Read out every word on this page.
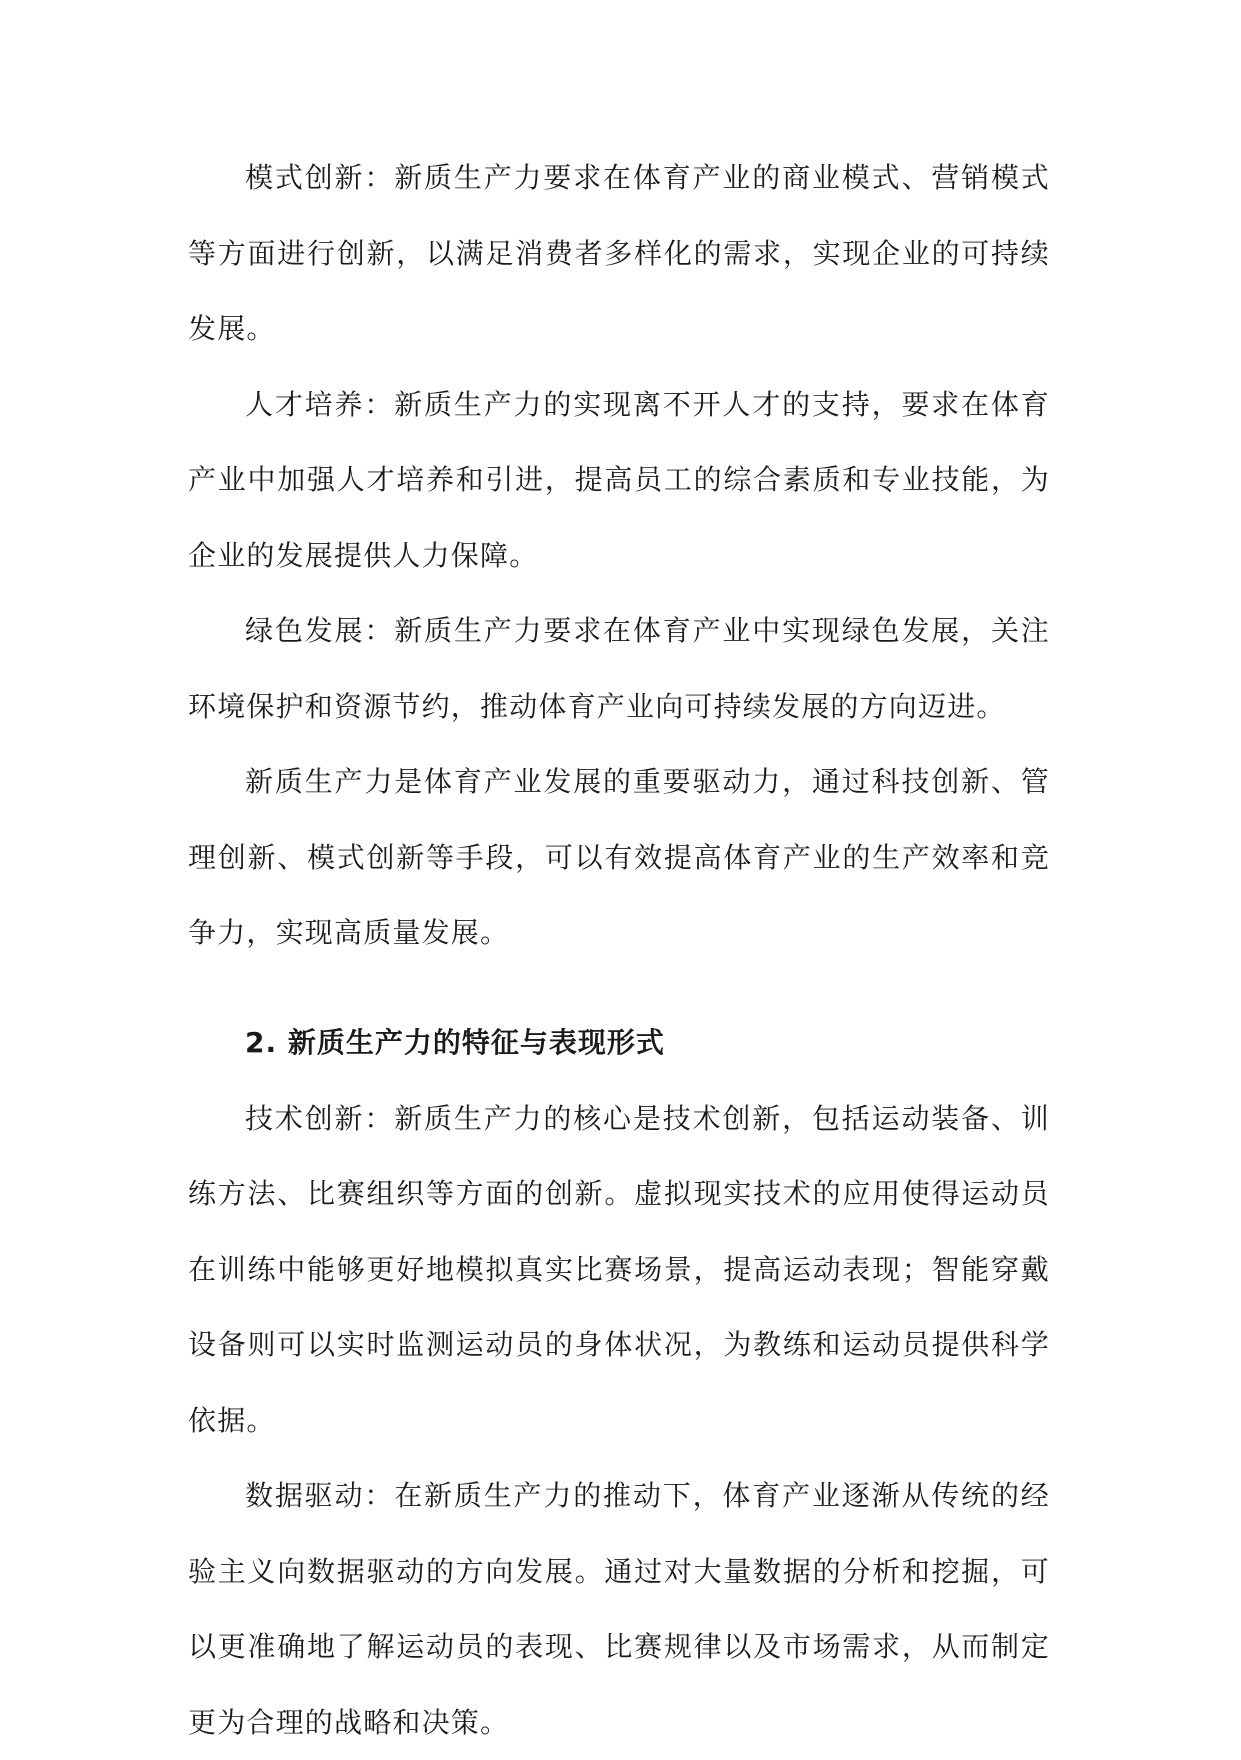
模式创新：新质生产力要求在体育产业的商业模式、营销模式等方面进行创新，以满足消费者多样化的需求，实现企业的可持续发展。

人才培养：新质生产力的实现离不开人才的支持，要求在体育产业中加强人才培养和引进，提高员工的综合素质和专业技能，为企业的发展提供人力保障。

绿色发展：新质生产力要求在体育产业中实现绿色发展，关注环境保护和资源节约，推动体育产业向可持续发展的方向迈进。

新质生产力是体育产业发展的重要驱动力，通过科技创新、管理创新、模式创新等手段，可以有效提高体育产业的生产效率和竞争力，实现高质量发展。

2. 新质生产力的特征与表现形式

技术创新：新质生产力的核心是技术创新，包括运动装备、训练方法、比赛组织等方面的创新。虚拟现实技术的应用使得运动员在训练中能够更好地模拟真实比赛场景，提高运动表现；智能穿戴设备则可以实时监测运动员的身体状况，为教练和运动员提供科学依据。

数据驱动：在新质生产力的推动下，体育产业逐渐从传统的经验主义向数据驱动的方向发展。通过对大量数据的分析和挖掘，可以更准确地了解运动员的表现、比赛规律以及市场需求，从而制定更为合理的战略和决策。
